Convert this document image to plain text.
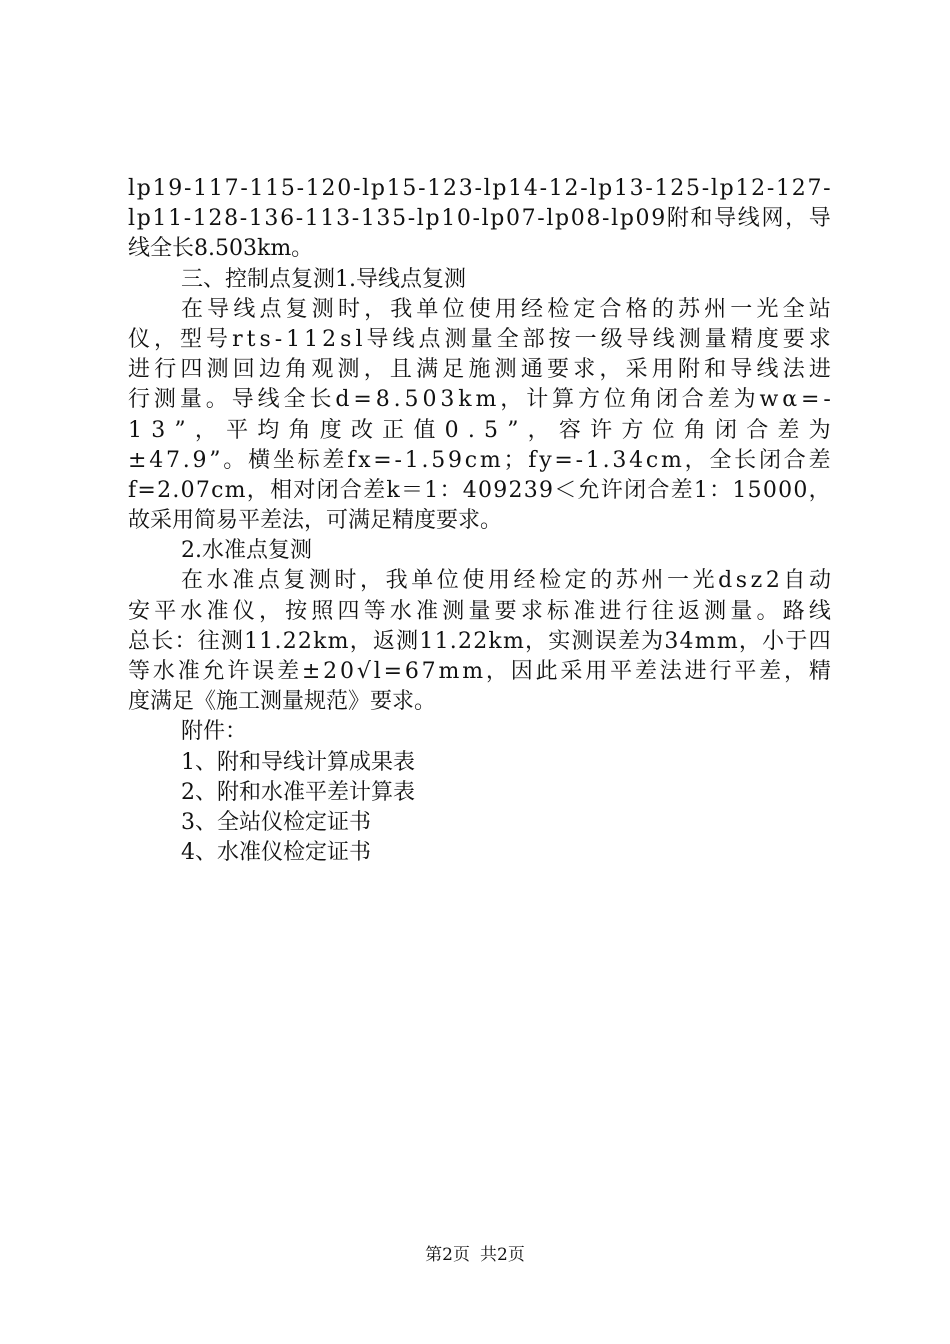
l p 1 9 - 1 1 7 - 1 1 5 - 1 2 0 - l p 1 5 - 1 2 3 - l p 1 4 - 1 2 - l p 1 3 - 1 2 5 - l p 1 2 - 1 2 7 -
l p 1 1 - 1 2 8 - 1 3 6 - 1 1 3 - 1 3 5 - l p 1 0 - l p 0 7 - l p 0 8 - l p 0 9 附 和 导 线 网 ， 导
线全长8.503km。
三、控制点复测1.导线点复测
在 导 线 点 复 测 时 ， 我 单 位 使 用 经 检 定 合 格 的 苏 州 一 光 全 站
仪 ， 型 号 r t s - 1 1 2 s l 导 线 点 测 量 全 部 按 一 级 导 线 测 量 精 度 要 求
进 行 四 测 回 边 角 观 测 ， 且 满 足 施 测 通 要 求 ， 采 用 附 和 导 线 法 进
行 测 量 。 导 线 全 长 d = 8 . 5 0 3 k m ， 计 算 方 位 角 闭 合 差 为 w α = -
1 3 ” ， 平 均 角 度 改 正 值 0 . 5 ” ， 容 许 方 位 角 闭 合 差 为
± 4 7 . 9 ” 。 横 坐 标 差 f x = - 1 . 5 9 c m ； f y = - 1 . 3 4 c m ， 全 长 闭 合 差
f = 2 . 0 7 c m ， 相 对 闭 合 差 k ＝ 1 ： 4 0 9 2 3 9 ＜ 允 许 闭 合 差 1 ： 1 5 0 0 0 ，
故采用简易平差法，可满足精度要求。
2.水准点复测
在 水 准 点 复 测 时 ， 我 单 位 使 用 经 检 定 的 苏 州 一 光 d s z 2 自 动
安 平 水 准 仪 ， 按 照 四 等 水 准 测 量 要 求 标 准 进 行 往 返 测 量 。 路 线
总 长 ： 往 测 1 1 . 2 2 k m ， 返 测 1 1 . 2 2 k m ， 实 测 误 差 为 3 4 m m ， 小 于 四
等 水 准 允 许 误 差 ± 2 0 √ l = 6 7 m m ， 因 此 采 用 平 差 法 进 行 平 差 ， 精
度满足《施工测量规范》要求。
附件：
1、附和导线计算成果表
2、附和水准平差计算表
3、全站仪检定证书
4、水准仪检定证书
第2页 共2页
